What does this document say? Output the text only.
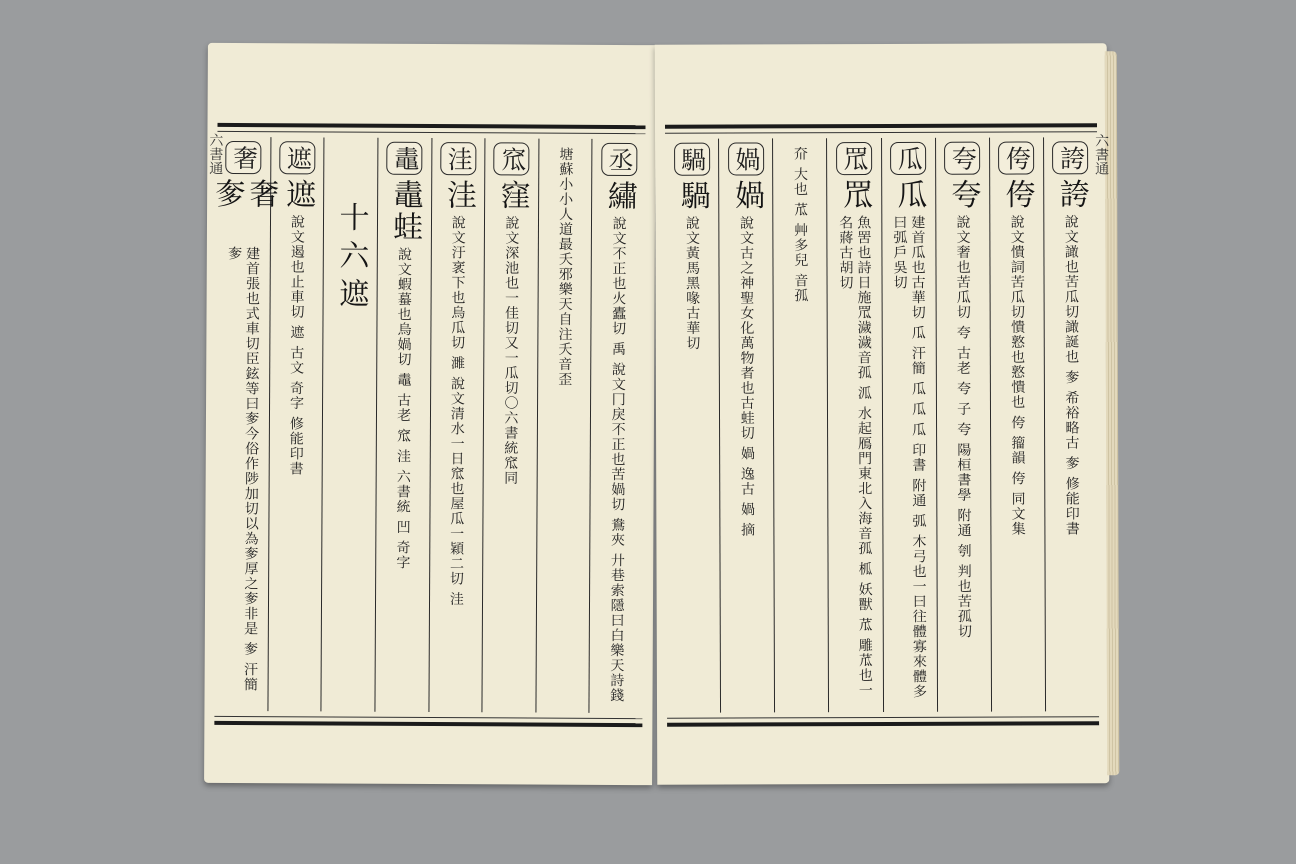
丞
繡
說文不正也火蠹切 禹 說文冂戾不正也苦媧切 鴦夾 廾巷索隱曰白樂天詩錢
塘蘇小小人道最夭邪樂天自注夭音歪
窊
窪
說文深池也一佳切又一瓜切〇六書統窊同
洼
洼
說文汙衺下也烏瓜切 濉 說文清水一日窊也屋瓜一穎二切 洼
鼃
鼃蛙
說文蝦蟇也烏媧切 鼃 古老 窊 洼 六書統 凹 奇字
十六遮
遮
遮
說文遏也止車切 遮 古文 奇字 修能印書
奢
奢奓
建首張也式車切臣鉉等曰奓今俗作陟加切以為奓厚之奓非是 奓 汗簡 奓
六書通	誇
誇
說文譀也苦瓜切譀誕也 奓 希裕略古 奓 修能印書
侉
侉
說文憒詞苦瓜切憒憝也憝憒也 侉 籀韻 侉 同文集
夸
夸
說文奢也苦瓜切 夸 古老 夸 子 夸 陽桓書學 附通 刳 判也苦孤切
瓜
瓜
建首瓜也古華切 瓜 汗簡 瓜 瓜 瓜 印書 附通 弧 木弓也一曰往體寡來體多曰弧戶吳切
罛
罛
魚罟也詩日施罛濊濊音孤 泒 水起鴈門東北入海音孤 柧 妖獸 苽 雕苽也一名蔣古胡切
夼 大也 苽 艸多兒 音孤
媧
媧
說文古之神聖女化萬物者也古蛙切 媧 逸古 媧 摘
騧
騧
說文黃馬黑喙古華切
六書通
